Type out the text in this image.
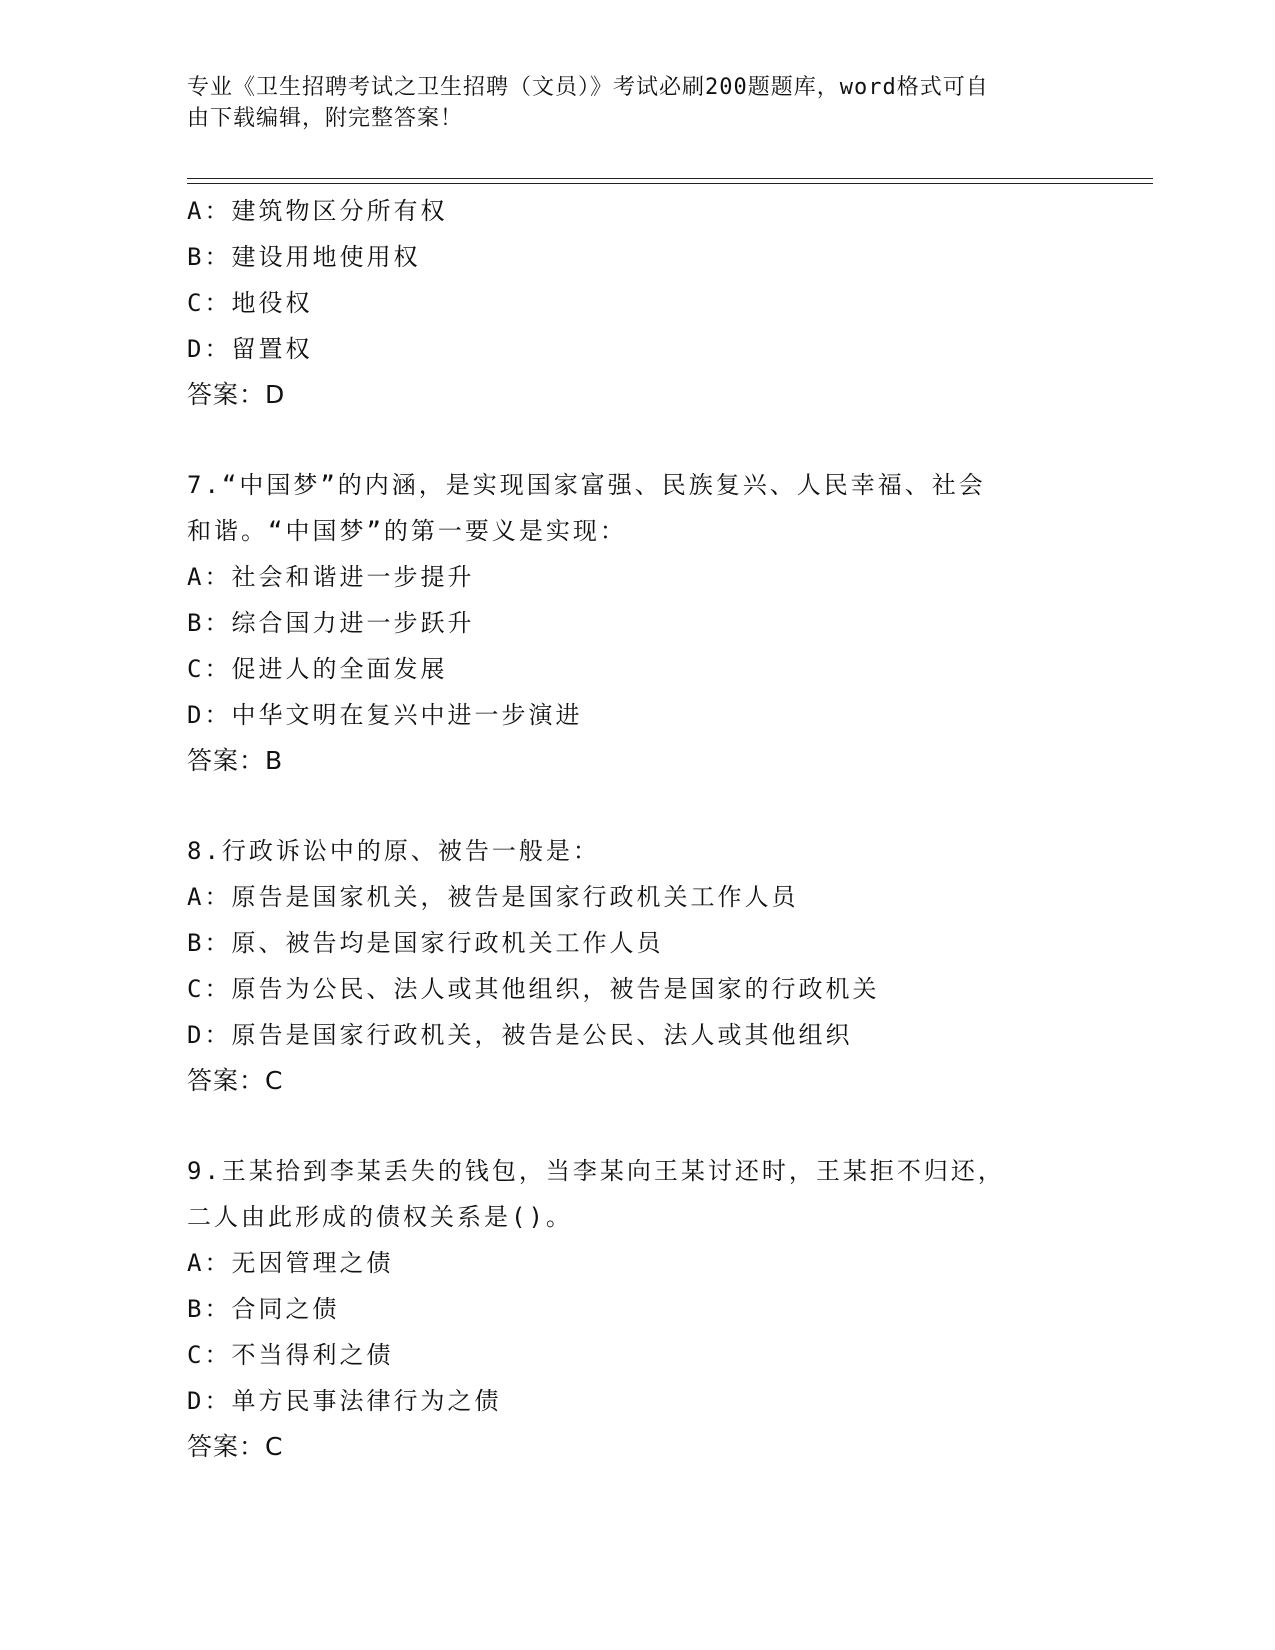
专业《卫生招聘考试之卫生招聘（文员）》考试必刷200题题库，word格式可自
由下载编辑，附完整答案！
A：建筑物区分所有权
B：建设用地使用权
C：地役权
D：留置权
答案：D
7.“中国梦”的内涵，是实现国家富强、民族复兴、人民幸福、社会
和谐。“中国梦”的第一要义是实现：
A：社会和谐进一步提升
B：综合国力进一步跃升
C：促进人的全面发展
D：中华文明在复兴中进一步演进
答案：B
8.行政诉讼中的原、被告一般是：
A：原告是国家机关，被告是国家行政机关工作人员
B：原、被告均是国家行政机关工作人员
C：原告为公民、法人或其他组织，被告是国家的行政机关
D：原告是国家行政机关，被告是公民、法人或其他组织
答案：C
9.王某拾到李某丢失的钱包，当李某向王某讨还时，王某拒不归还，
二人由此形成的债权关系是()。
A：无因管理之债
B：合同之债
C：不当得利之债
D：单方民事法律行为之债
答案：C
